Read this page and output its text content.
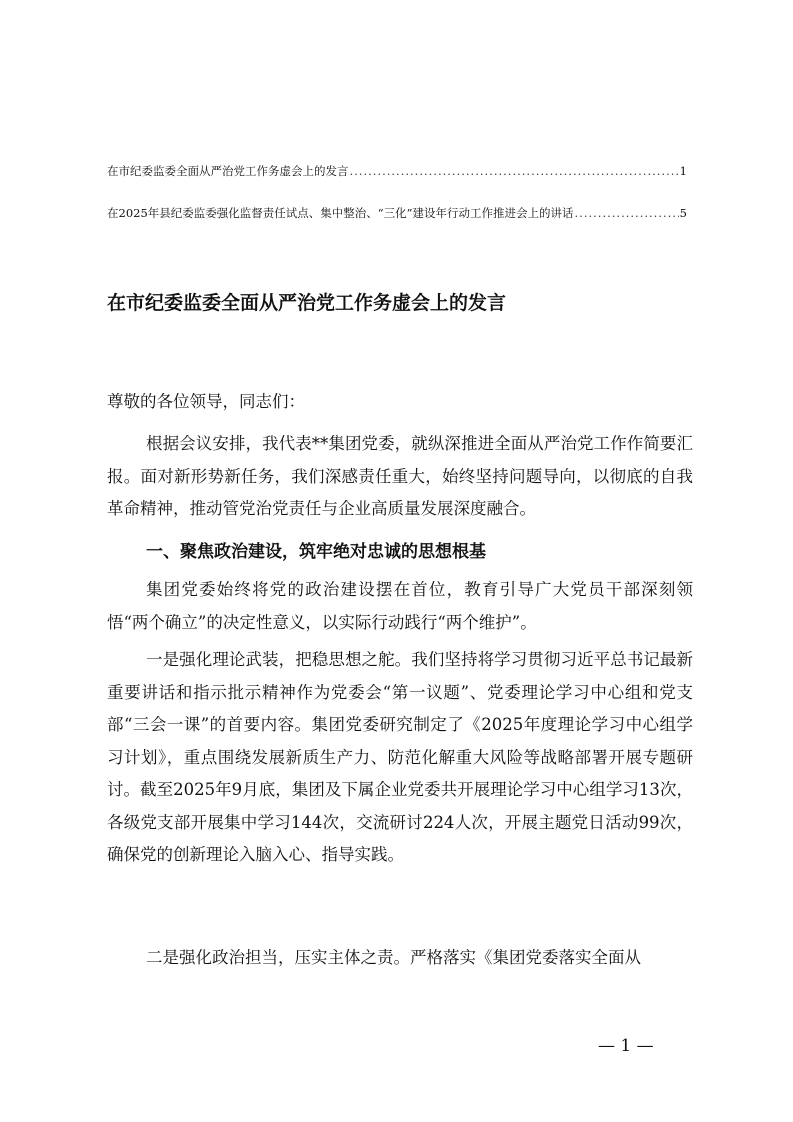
在市纪委监委全面从严治党工作务虚会上的发言 .....	1
在2025年县纪委监委强化监督责任试点、集中整治、“三化”建设年行动工作推进会上的讲话 .....	5
在市纪委监委全面从严治党工作务虚会上的发言

尊敬的各位领导，同志们：

根据会议安排，我代表**集团党委，就纵深推进全面从严治党工作作简要汇报。面对新形势新任务，我们深感责任重大，始终坚持问题导向，以彻底的自我革命精神，推动管党治党责任与企业高质量发展深度融合。

一、聚焦政治建设，筑牢绝对忠诚的思想根基

集团党委始终将党的政治建设摆在首位，教育引导广大党员干部深刻领悟“两个确立”的决定性意义，以实际行动践行“两个维护”。

一是强化理论武装，把稳思想之舵。我们坚持将学习贯彻习近平总书记最新重要讲话和指示批示精神作为党委会“第一议题”、党委理论学习中心组和党支部“三会一课”的首要内容。集团党委研究制定了《2025年度理论学习中心组学习计划》，重点围绕发展新质生产力、防范化解重大风险等战略部署开展专题研讨。截至2025年9月底，集团及下属企业党委共开展理论学习中心组学习13次，各级党支部开展集中学习144次，交流研讨224人次，开展主题党日活动99次，确保党的创新理论入脑入心、指导实践。

二是强化政治担当，压实主体之责。严格落实《集团党委落实全面从

— 1 —
